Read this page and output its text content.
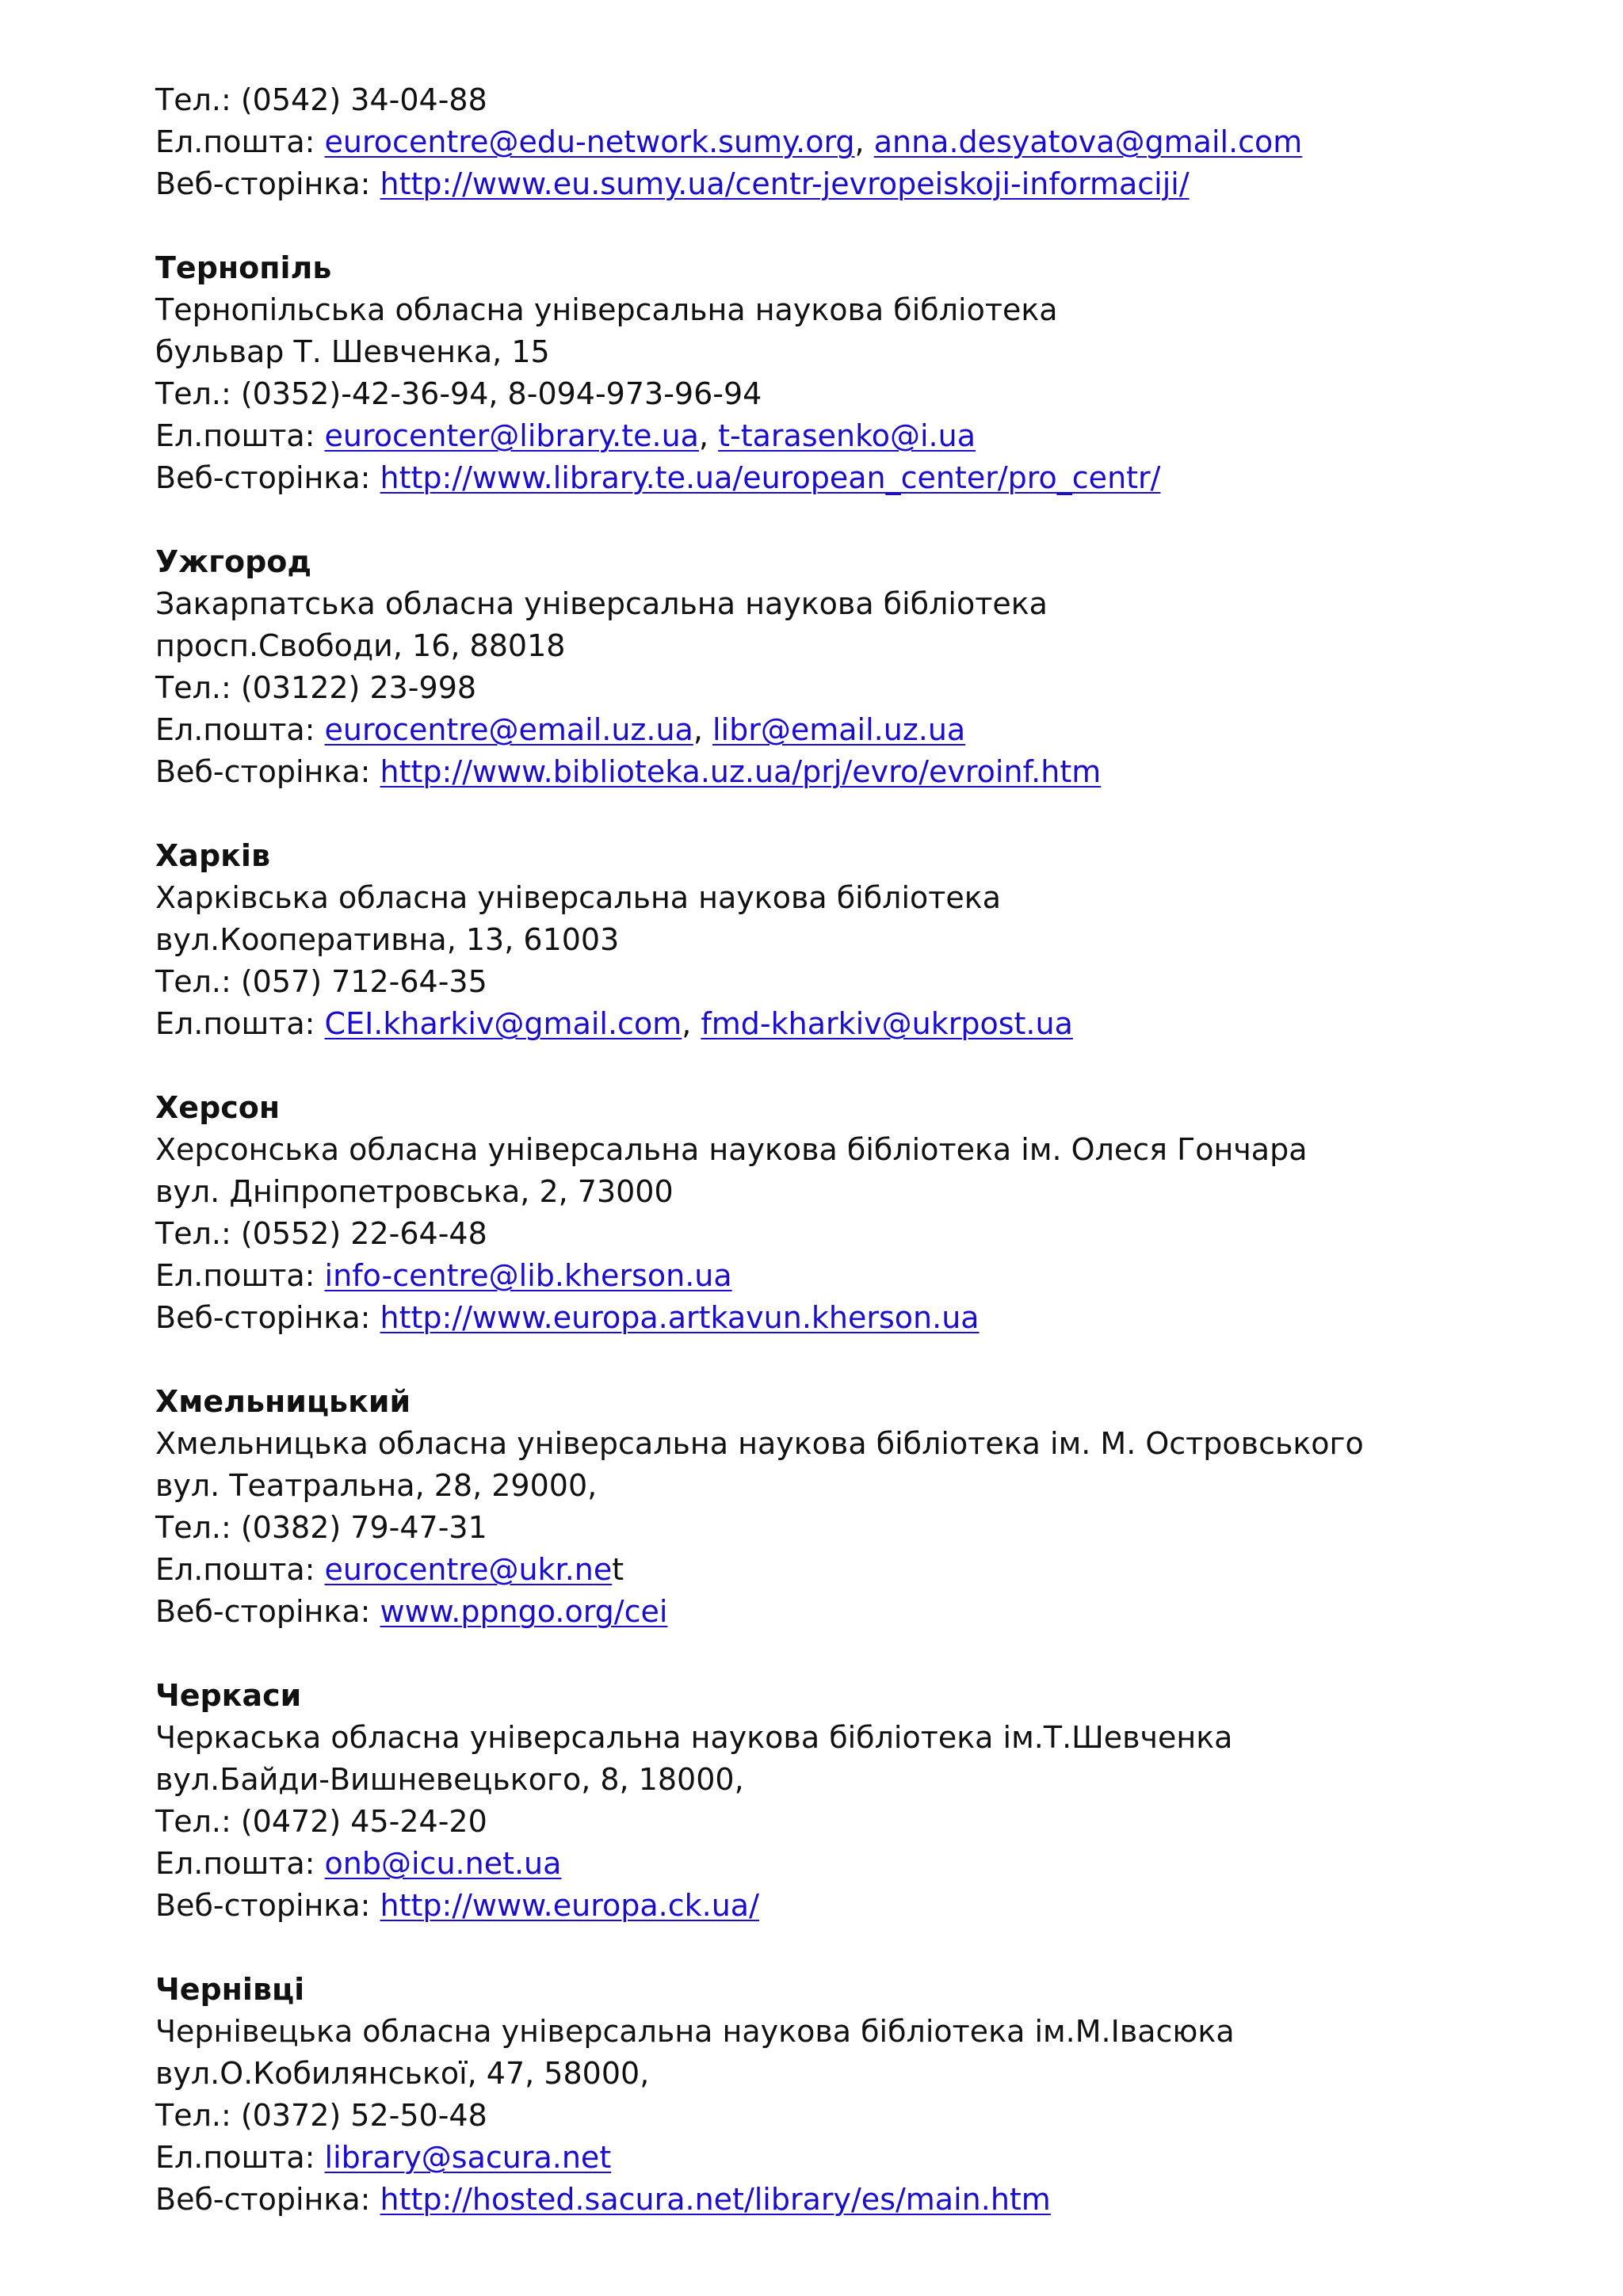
Тел.: (0542) 34-04-88
Ел.пошта: eurocentre@edu-network.sumy.org, anna.desyatova@gmail.com
Веб-сторінка: http://www.eu.sumy.ua/centr-jevropeiskoji-informaciji/
Тернопіль
Тернопільська обласна універсальна наукова бібліотека
бульвар Т. Шевченка, 15
Тел.: (0352)-42-36-94, 8-094-973-96-94
Ел.пошта: eurocenter@library.te.ua, t-tarasenko@i.ua
Веб-сторінка: http://www.library.te.ua/european_center/pro_centr/
Ужгород
Закарпатська обласна універсальна наукова бібліотека
просп.Свободи, 16, 88018
Тел.: (03122) 23-998
Ел.пошта: eurocentre@email.uz.ua, libr@email.uz.ua
Веб-сторінка: http://www.biblioteka.uz.ua/prj/evro/evroinf.htm
Харків
Харківська обласна універсальна наукова бібліотека
вул.Кооперативна, 13, 61003
Тел.: (057) 712-64-35
Ел.пошта: CEI.kharkiv@gmail.com, fmd-kharkiv@ukrpost.ua
Херсон
Херсонська обласна універсальна наукова бібліотека ім. Олеся Гончара
вул. Дніпропетровська, 2, 73000
Тел.: (0552) 22-64-48
Ел.пошта: info-centre@lib.kherson.ua
Веб-сторінка: http://www.europa.artkavun.kherson.ua
Хмельницький
Хмельницька обласна універсальна наукова бібліотека ім. М. Островського
вул. Театральна, 28, 29000,
Тел.: (0382) 79-47-31
Ел.пошта: eurocentre@ukr.net
Веб-сторінка: www.ppngo.org/cei
Черкаси
Черкаська обласна універсальна наукова бібліотека ім.Т.Шевченка
вул.Байди-Вишневецького, 8, 18000,
Тел.: (0472) 45-24-20
Ел.пошта: onb@icu.net.ua
Веб-сторінка: http://www.europa.ck.ua/
Чернівці
Чернівецька обласна універсальна наукова бібліотека ім.М.Івасюка
вул.О.Кобилянської, 47, 58000,
Тел.: (0372) 52-50-48
Ел.пошта: library@sacura.net
Веб-сторінка: http://hosted.sacura.net/library/es/main.htm
